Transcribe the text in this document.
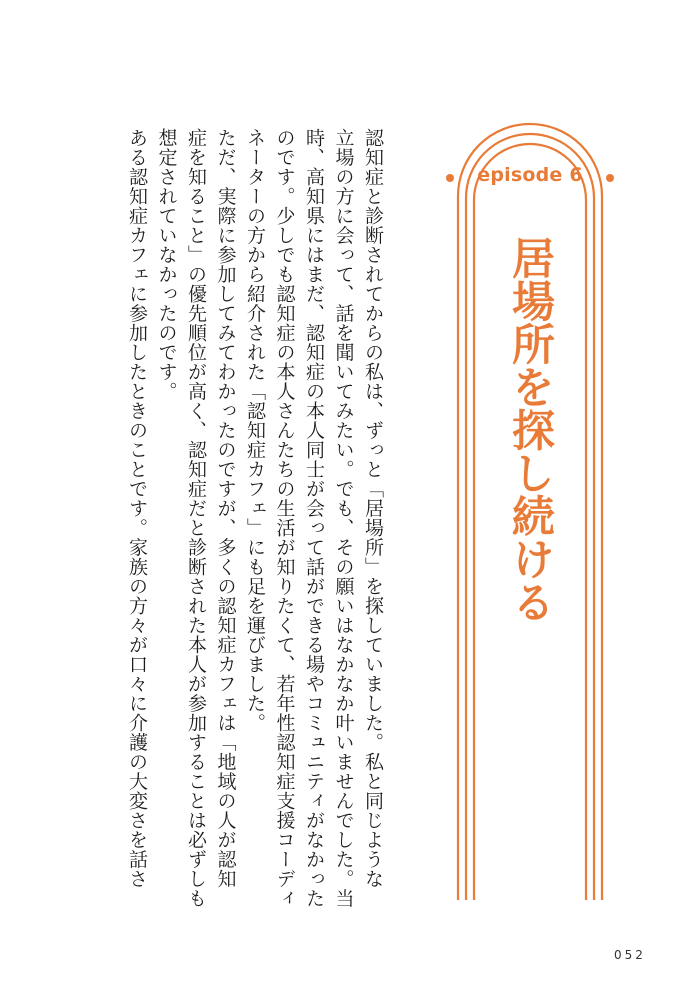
episode 6
居場所を探し続ける

認知症と診断されてからの私は、ずっと「居場所」を探していました。私と同じような

立場の方に会って、話を聞いてみたい。でも、その願いはなかなか叶いませんでした。当

時、高知県にはまだ、認知症の本人同士が会って話ができる場やコミュニティがなかった

のです。少しでも認知症の本人さんたちの生活が知りたくて、若年性認知症支援コーディ

ネーターの方から紹介された「認知症カフェ」にも足を運びました。

ただ、実際に参加してみてわかったのですが、多くの認知症カフェは「地域の人が認知

症を知ること」の優先順位が高く、認知症だと診断された本人が参加することは必ずしも

想定されていなかったのです。

ある認知症カフェに参加したときのことです。家族の方々が口々に介護の大変さを話さ

052
